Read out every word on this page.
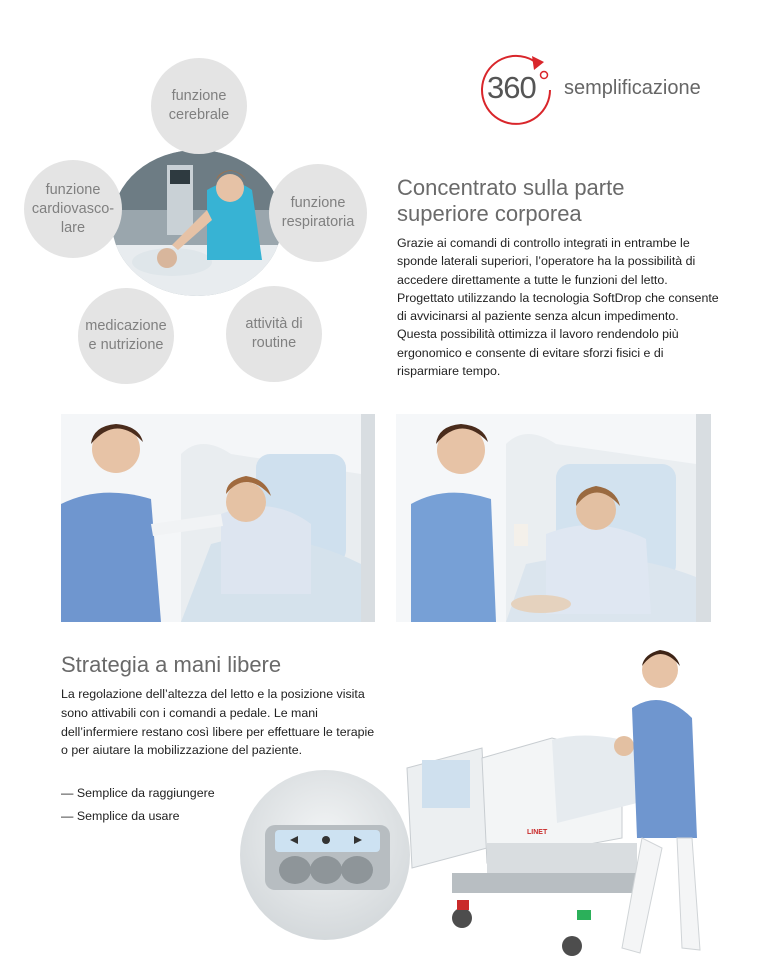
360 semplificazione
funzione
cerebrale
funzione
cardiovasco-
lare
funzione
respiratoria
medicazione
e nutrizione
attività di
routine
Concentrato sulla parte
superiore corporea

Grazie ai comandi di controllo integrati in entrambe le sponde laterali superiori, l’operatore ha la possibilità di accedere direttamente a tutte le funzioni del letto. Progettato utilizzando la tecnologia SoftDrop che consente di avvicinarsi al paziente senza alcun impedimento. Questa possibilità ottimizza il lavoro rendendolo più ergonomico e consente di evitare sforzi fisici e di risparmiare tempo.

Strategia a mani libere

La regolazione dell’altezza del letto e la posizione visita sono attivabili con i comandi a pedale. Le mani dell’infermiere restano così libere per effettuare le terapie o per aiutare la mobilizzazione del paziente.

— Semplice da raggiungere
— Semplice da usare
LINET
